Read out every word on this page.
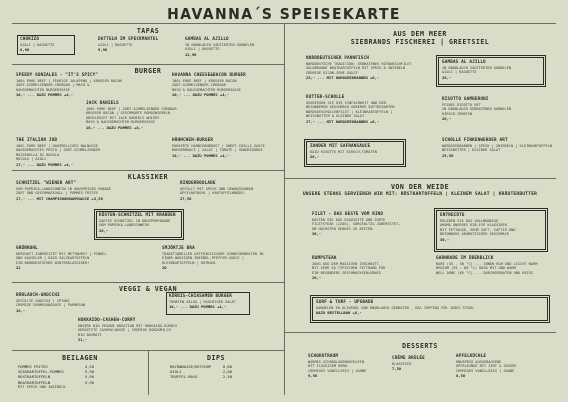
HAVANNA´S SPEISEKARTE
TAPAS
CHORIZO
AIOLI | BAGUETTE
8,90
DATTELN IM SPECKMANTEL
AIOLI | BAGUETTE
9,90
GAMBAS AL AJILLO
IN KNOBLAUCH SAUTIERTEN GARNELEN
AIOLI | BAGUETTE
12,90
BURGER
SPEEDY GONZALES - "IT'S SPICY"
100% PURE BEEF | FEURIGE JALAPENO | KROSSER BACON
ZART-SCHMELZENDER CHEDDAR | MAYO &
HAUSGEMACHTER BURGERSOSSE
16,- ... DAZU POMMES +4,-
HAVANNA CHEESE&BACON BURGER
100% PURE BEEF | KROSSER BACON
ZART-SCHMELZENDER CHEDDAR
MAYO & HAUSGEMACHTER BURGERSOSSE
16,- ... DAZU POMMES +4,-
JACK DANIELS
100% PURE BEEF | ZART-SCHMELZENDER CHEDDAR
KROSSER BACON | GESCHMORTE RÖMAZWIEBELN
ABGELÖSCHT MIT JACK DANIELS WHISKY
MAYO & HAUSGEMACHTER BURGERSOSSE
18,- ... DAZU POMMES +4,-
THE ITALIAN JOB
100% PURE BEEF | HAUSMELLIGES WALNÜSSE
HAUSGEMACHTES PESTO | ZART-SCHMELZENDER
MOZZARELLA DI BUFALA
RUCOLA | AIOLI
17,- ... DAZU POMMES +4,-
HÄHNCHEN-BURGER
PANIERTE HÄHNCHENBRUST | SWEET-CHILLI-SAUCE
BURGERMAUCE | SALAT | TOMATE | GEWÜRZGURKE
16,- ... DAZU POMMES +4,-
KLASSIKER
SCHNITZEL "WIENER ART"
VOM PAPRIKA-LANDSCHWEIN IN KNUSPRIGER PANADE
ZART UND GESCHMACKVOLL | POMMES FRITES
17,- ... MIT CHAMPIGNONRAHMSAUCE +3,50
RINDERROULADE
GEFÜLLT MIT SPECK UND GEWÜRZGURKEN
APFELROTKOHL | KARTOFFELKNÖDEL
27,50
KÜSTEN-SCHNITZEL MIT KRABBEN
ZARTES SCHNITZEL IN KNUSPERPANADE
VOM PAPRIKA-LANDSCHWEIN
26,-
GRÜNKOHL
HERZHAFT ZUBEREITET MIT METTWURST | PINKEL
UND KASSELER | DAZU SALZKARTOFFELN
EIN NORDDEUTSCHER WINTERKLASSIKER!
22
SMJÖRTJE BRA
TRADITIONELLER OSTFRIESISCHER SCHWEINEBRATEN IN
EINER WÜRZIGEN ZWIEBEL-PFEFFER-SAUCE |
KLEINKARTOFFELN | ROTKOHL
20
VEGGI & VEGAN
BÄRLAUCH-GNOCCHI
GEFÜLLTE GNOCCHI | SPINAT
CREMIGE PARMESANSAUCE | PARMESAN
18,-
KÜRBIS-CHIASAMEN BURGER
TOMATEN-SALSA | RAUCHIGER SALAT
16,- ... DAZU POMMES +4,-
HOKKAIDO-CASHEW-CURRY
UNSERE BIO VEGANE KREATION MIT HOKKAIDO-KÜRBIS
GERÖSTETE CASHEW-NÜSSE | CREMIGE KOKOSMILCH
BIO BASMATI
21,-
BEILAGEN	DIPS
POMMES FRITES	4,50
SÜSSKARTOFFEL-POMMES	5,90
RÖSTKARTOFFELN	5,90
BRATKARTOFFELN	5,90
MIT SPECK UND ZWIEBELN
MAYONNAISE/KETCHUP	0,80
AIOLI	2,00
TRÜFFEL-MAYO	2,50
AUS DEM MEER
SIEBRANDS FISCHEREI | GREETSIEL
NORDDEUTSCHER PANNFISCH
NORDDEUTSCHE TRADITION: GEBRATENES ROTBARSCHFILET
GOLDBRAUNE BRATKARTOFFELN MIT SPECK & ZWIEBELN
CREMIGE DIJON-SENF-SAUCE
23,- ... MIT NORDSEEKRABBEN +6,-
GAMBAS AL AJILLO
IN KNOBLAUCH SAUTIERTEN GARNELEN
AIOLI | BAGUETTE
26,-
KUTTER-SCHOLLE
GENIESSEN SIE DIE EINFACHHEIT UND DEN
BESONDEREN GESCHMACK UNSERER BUTTERZARTEN
NORDSEESCHOLLENFILET | KLEINKARTOFFELN |
WEISSBUTTER & KLEINER SALAT
27,- ... MIT NORDSEEKRABBEN +6,-
RISOTTO GAMBERONI
FEINES RISOTTO MIT
IN KNOBLAUCH GEBRATENEN GARNELEN
KIRSCH-TOMATEN
26,-
ZANDER MIT SAFRANSAUCE
DAZU RISOTTO MIT KIRSCH-TOMATEN
26,-
SCHOLLE FINKENWERDER ART
NORDSEEKRABBEN | SPECK | ZWIEBELN | KLEINKARTOFFELN
WEISSBUTTER | KLEINER SALAT
29,50
VON DER WEIDE
UNSERE STEAKS SERVIEREN WIR MIT: RÖSTKARTOFFELN | KLEINEM SALAT | KRÄUTERBUTTER
FILET - DAS BESTE VOM RIND
KOSTEN SIE DAS EXQUISITE UND ZARTE
FILETSTEAK (220G), SORGFÄLTIG ZUBEREITET,
UM HÖCHSTEN GENUSS ZU BIETEN
36,-
ENTRECÔTE
ERLEBEN SIE DAS VOLLMUNDIGE
AROMA UNSERES RIB-EYE KLASSIKER
MIT FETTAUGE, SEHR SAFT, SAFTIG UND
BESONDERS AROMATISCHER GESCHMACK
30,-
RUMPSTEAK
200G AUS DEM MASSIVEN ZUSCHNITT,
MIT SEHR SO TYPISCHEN FETTRAND FÜR
EIN BESONDERS GESCHMACKSERLEBNIS
26,-
GARNRADE IM ÜBERBLICK
RARE (45 - 50 °C) ... INNEN ROH UND LEICHT WARM
MEDIUM (55 - 60 °C) ROSA MIT UND WARM
WELL DONE (65 °C) ... DURCHGEBRATEN UND HEISS
SURF & TURF - UPGRADE
GARNELEN IN OLIVENÖL UND KNOBLAUCH GEBRATEN - DAS TOPPING FÜR JEDES STEAK
DAZU BESTELLBAR +8,-
DESSERTS
SCHOKOTRAUM
WARMES SCHOKOLADENKÜCHLEIN
MIT FLÜSSIGEM KERN
CREMIGES VANILLEEIS | SAHNE
9,50
CRÈME BRÛLÉE
KLASSISCH
7,50
APFELKÜCHLE
KNUSPRIG AUSGEBACKENE
APFELRINGE MIT ZIMT & ZUCKER
CREMIGES VANILLEEIS | SAHNE
8,50
